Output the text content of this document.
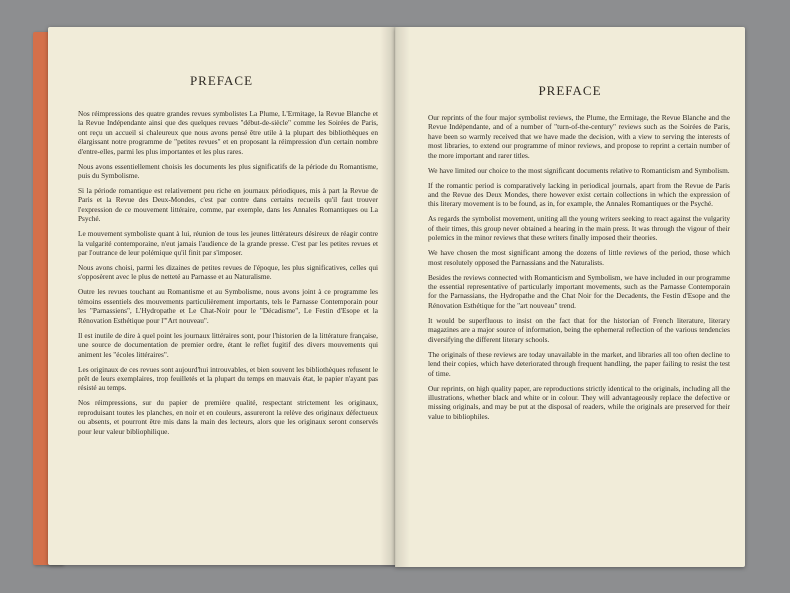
PREFACE

Nos réimpressions des quatre grandes revues symbolistes La Plume, L'Ermitage, la Revue Blanche et la Revue Indépendante ainsi que des quelques revues "début-de-siècle" comme les Soirées de Paris, ont reçu un accueil si chaleureux que nous avons pensé être utile à la plupart des bibliothèques en élargissant notre programme de "petites revues" et en proposant la réimpression d'un certain nombre d'entre-elles, parmi les plus importantes et les plus rares.

Nous avons essentiellement choisis les documents les plus significatifs de la période du Romantisme, puis du Symbolisme.

Si la période romantique est relativement peu riche en journaux périodiques, mis à part la Revue de Paris et la Revue des Deux-Mondes, c'est par contre dans certains recueils qu'il faut trouver l'expression de ce mouvement littéraire, comme, par exemple, dans les Annales Romantiques ou La Psyché.

Le mouvement symboliste quant à lui, réunion de tous les jeunes littérateurs désireux de réagir contre la vulgarité contemporaine, n'eut jamais l'audience de la grande presse. C'est par les petites revues et par l'outrance de leur polémique qu'il finit par s'imposer.

Nous avons choisi, parmi les dizaines de petites revues de l'époque, les plus significatives, celles qui s'opposèrent avec le plus de netteté au Parnasse et au Naturalisme.

Outre les revues touchant au Romantisme et au Symbolisme, nous avons joint à ce programme les témoins essentiels des mouvements particulièrement importants, tels le Parnasse Contemporain pour les "Parnassiens", L'Hydropathe et Le Chat-Noir pour le "Décadisme", Le Festin d'Esope et la Rénovation Esthétique pour l'"Art nouveau".

Il est inutile de dire à quel point les journaux littéraires sont, pour l'historien de la littérature française, une source de documentation de premier ordre, étant le reflet fugitif des divers mouvements qui animent les "écoles littéraires".

Les originaux de ces revues sont aujourd'hui introuvables, et bien souvent les bibliothèques refusent le prêt de leurs exemplaires, trop feuilletés et la plupart du temps en mauvais état, le papier n'ayant pas résisté au temps.

Nos réimpressions, sur du papier de première qualité, respectant strictement les originaux, reproduisant toutes les planches, en noir et en couleurs, assureront la relève des originaux défectueux ou absents, et pourront être mis dans la main des lecteurs, alors que les originaux seront conservés pour leur valeur bibliophilique.

PREFACE

Our reprints of the four major symbolist reviews, the Plume, the Ermitage, the Revue Blanche and the Revue Indépendante, and of a number of "turn-of-the-century" reviews such as the Soirées de Paris, have been so warmly received that we have made the decision, with a view to serving the interests of most libraries, to extend our programme of minor reviews, and propose to reprint a certain number of the more important and rarer titles.

We have limited our choice to the most significant documents relative to Romanticism and Symbolism.

If the romantic period is comparatively lacking in periodical journals, apart from the Revue de Paris and the Revue des Deux Mondes, there however exist certain collections in which the expression of this literary movement is to be found, as in, for example, the Annales Romantiques or the Psyché.

As regards the symbolist movement, uniting all the young writers seeking to react against the vulgarity of their times, this group never obtained a hearing in the main press. It was through the vigour of their polemics in the minor reviews that these writers finally imposed their theories.

We have chosen the most significant among the dozens of little reviews of the period, those which most resolutely opposed the Parnassians and the Naturalists.

Besides the reviews connected with Romanticism and Symbolism, we have included in our programme the essential representative of particularly important movements, such as the Parnasse Contemporain for the Parnassians, the Hydropathe and the Chat Noir for the Decadents, the Festin d'Esope and the Rénovation Esthétique for the "art nouveau" trend.

It would be superfluous to insist on the fact that for the historian of French literature, literary magazines are a major source of information, being the ephemeral reflection of the various tendencies diversifying the different literary schools.

The originals of these reviews are today unavailable in the market, and libraries all too often decline to lend their copies, which have deteriorated through frequent handling, the paper failing to resist the test of time.

Our reprints, on high quality paper, are reproductions strictly identical to the originals, including all the illustrations, whether black and white or in colour. They will advantageously replace the defective or missing originals, and may be put at the disposal of readers, while the originals are preserved for their value to bibliophiles.
